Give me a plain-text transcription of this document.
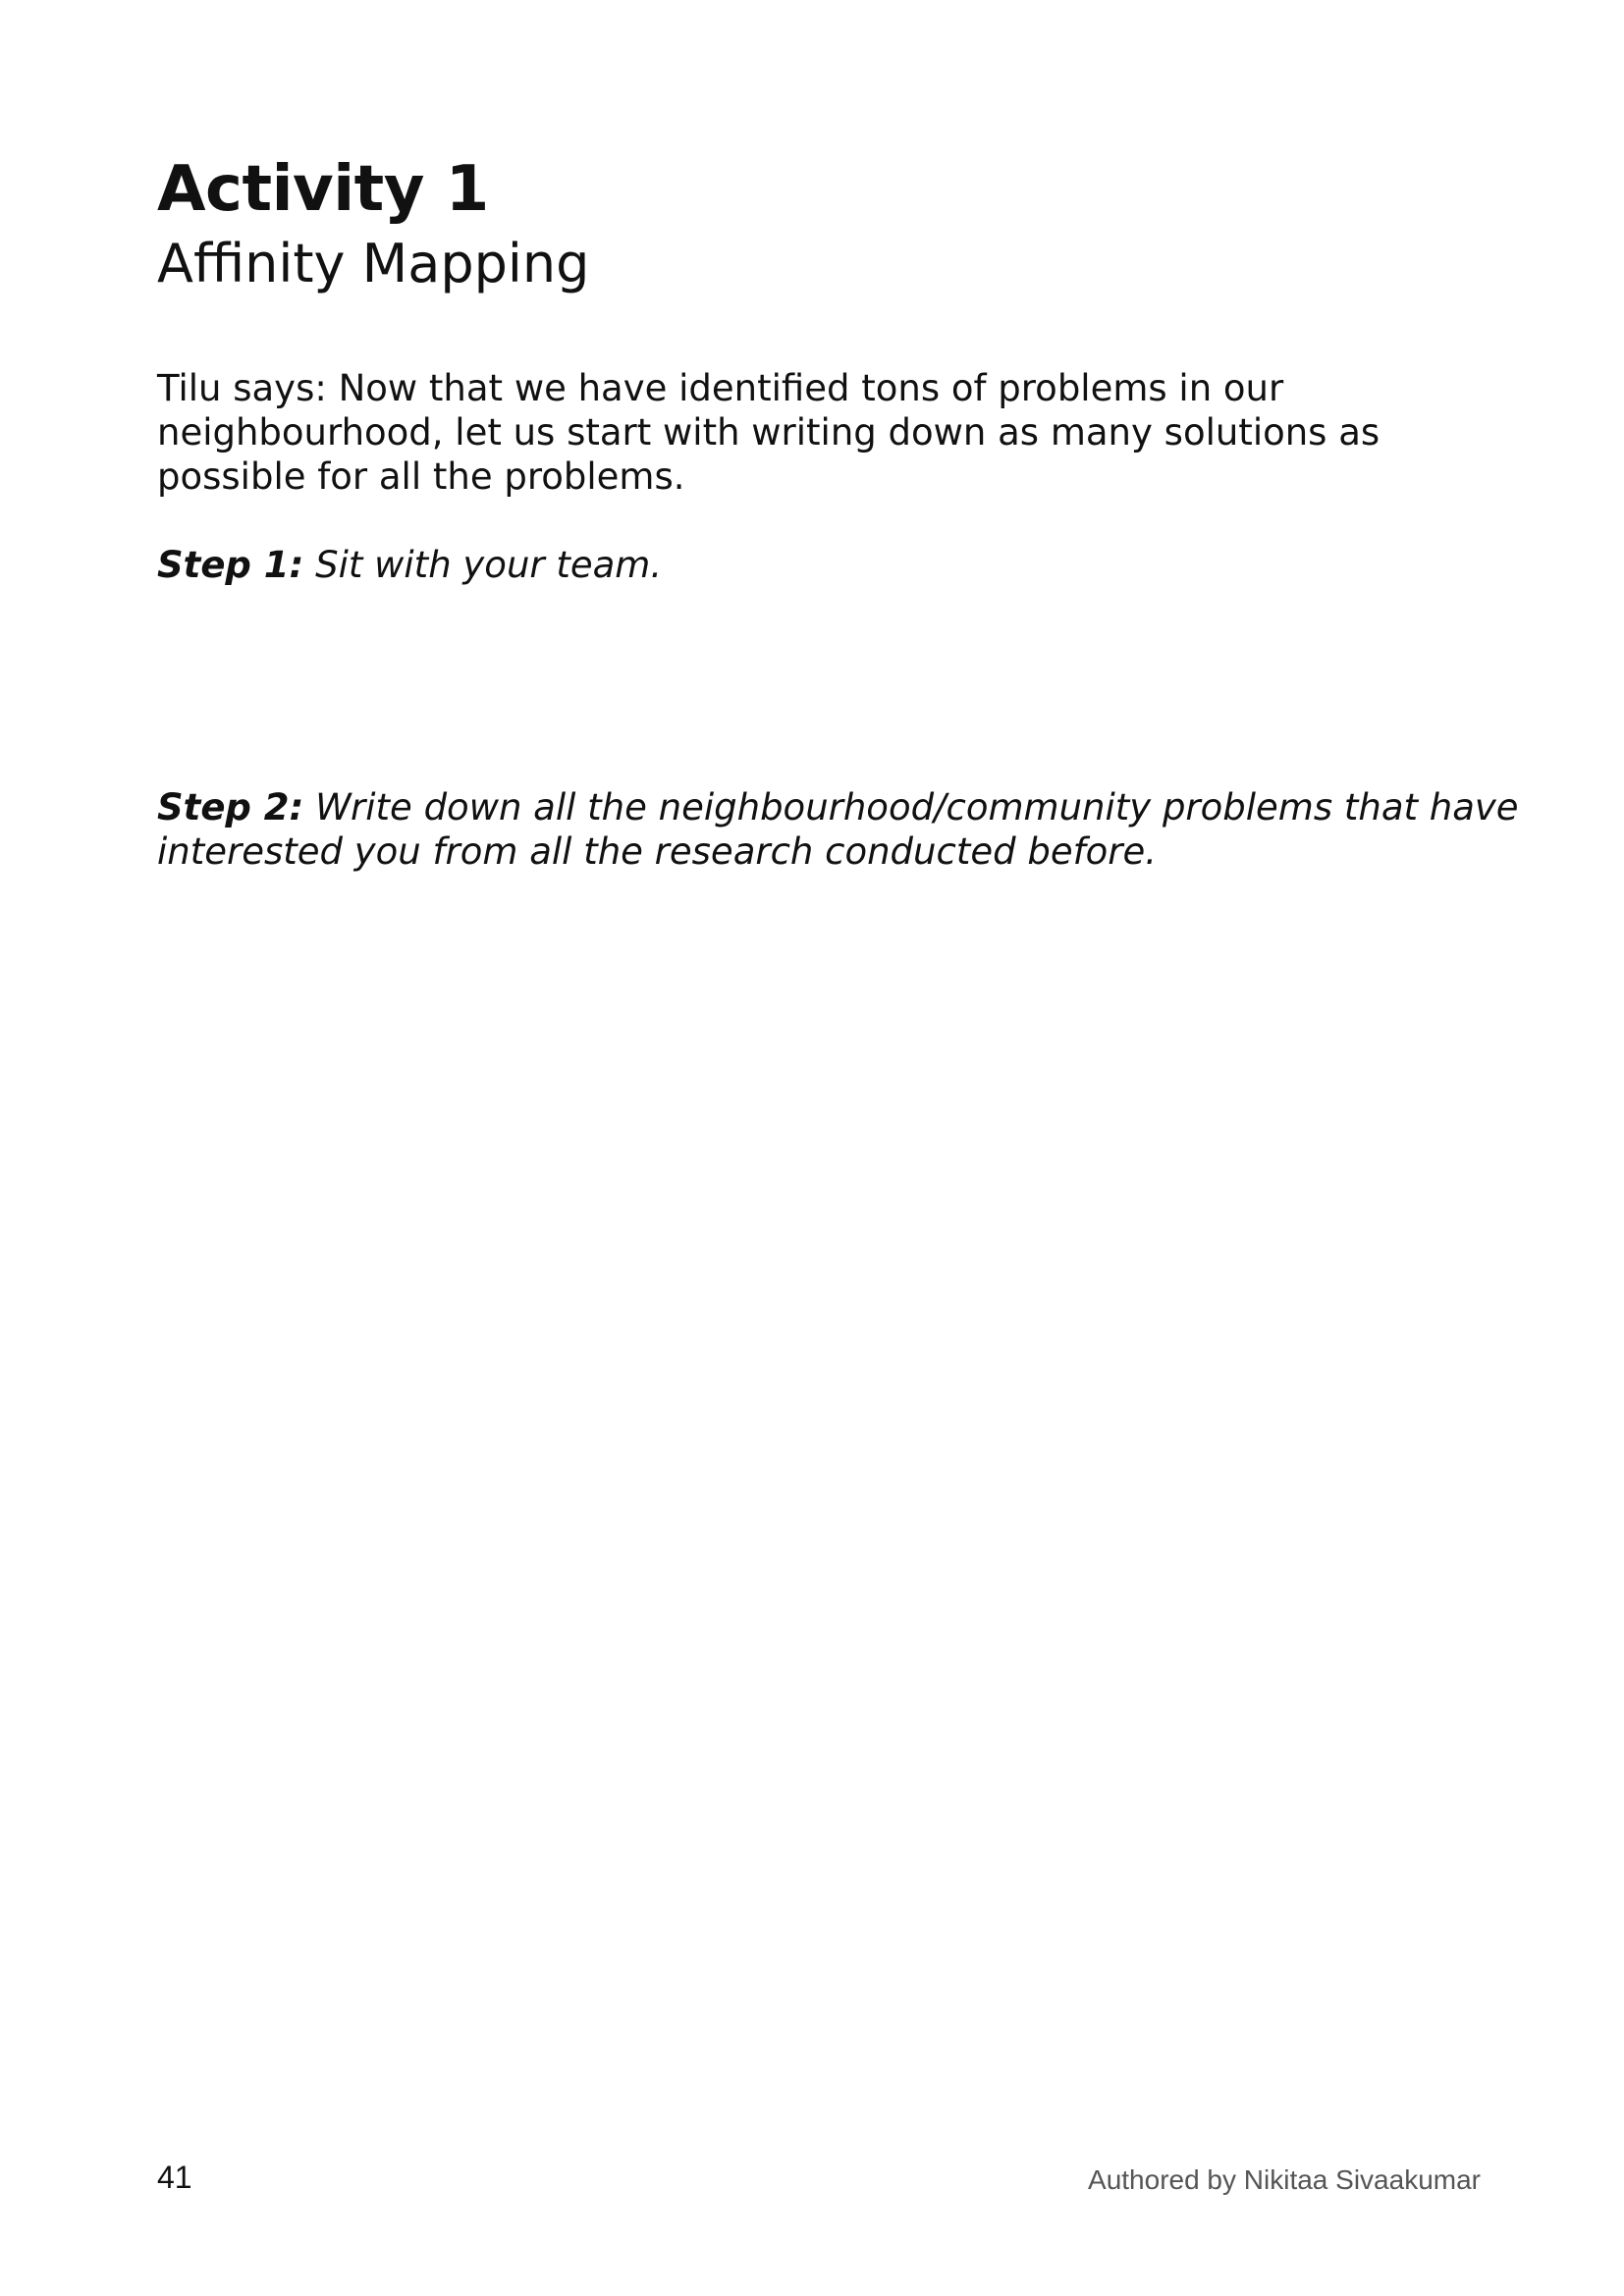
Activity 1
Affinity Mapping

Tilu says: Now that we have identified tons of problems in our neighbourhood, let us start with writing down as many solutions as possible for all the problems.

Step 1: Sit with your team.

Step 2: Write down all the neighbourhood/community problems that have interested you from all the research conducted before.

41	Authored by Nikitaa Sivaakumar
